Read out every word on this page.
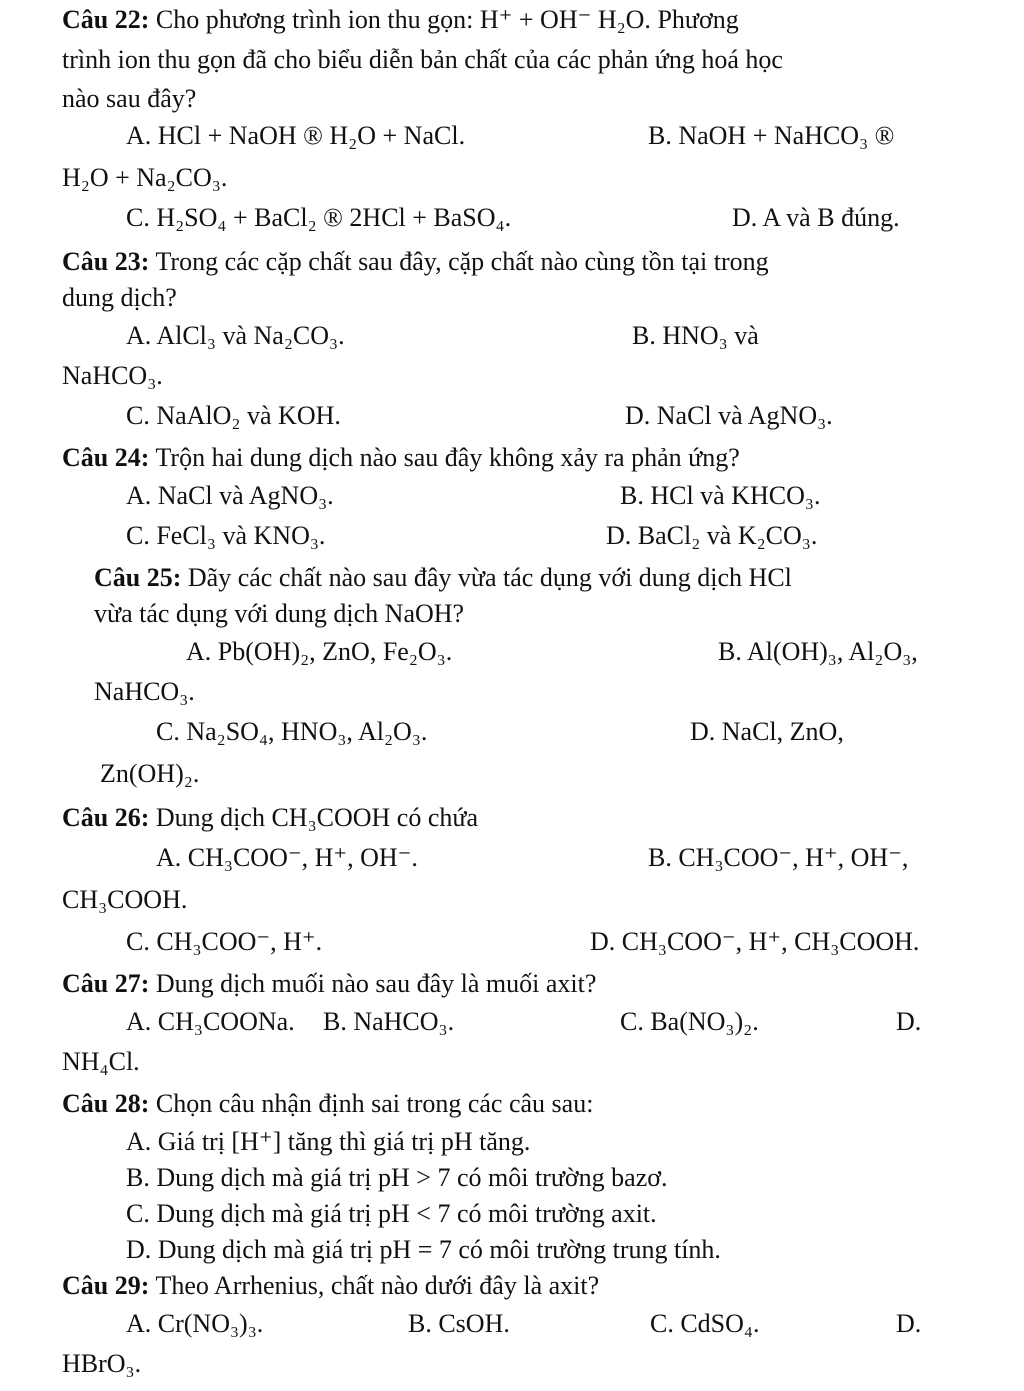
Câu 22: Cho phương trình ion thu gọn: H⁺ + OH⁻ H₂O. Phương
trình ion thu gọn đã cho biểu diễn bản chất của các phản ứng hoá học
nào sau đây?
A. HCl + NaOH ® H₂O + NaCl.	B. NaOH + NaHCO₃ ®
H₂O + Na₂CO₃.
C. H₂SO₄ + BaCl₂ ® 2HCl + BaSO₄.	D. A và B đúng.
Câu 23: Trong các cặp chất sau đây, cặp chất nào cùng tồn tại trong
dung dịch?
A. AlCl₃ và Na₂CO₃.	B. HNO₃ và
NaHCO₃.
C. NaAlO₂ và KOH.	D. NaCl và AgNO₃.
Câu 24: Trộn hai dung dịch nào sau đây không xảy ra phản ứng?
A. NaCl và AgNO₃.	B. HCl và KHCO₃.
C. FeCl₃ và KNO₃.	D. BaCl₂ và K₂CO₃.
Câu 25: Dãy các chất nào sau đây vừa tác dụng với dung dịch HCl
vừa tác dụng với dung dịch NaOH?
A. Pb(OH)₂, ZnO, Fe₂O₃.	B. Al(OH)₃, Al₂O₃,
NaHCO₃.
C. Na₂SO₄, HNO₃, Al₂O₃.	D. NaCl, ZnO,
Zn(OH)₂.
Câu 26: Dung dịch CH₃COOH có chứa
A. CH₃COO⁻, H⁺, OH⁻.	B. CH₃COO⁻, H⁺, OH⁻,
CH₃COOH.
C. CH₃COO⁻, H⁺.	D. CH₃COO⁻, H⁺, CH₃COOH.
Câu 27: Dung dịch muối nào sau đây là muối axit?
A. CH₃COONa. B. NaHCO₃.	C. Ba(NO₃)₂.	D.
NH₄Cl.
Câu 28: Chọn câu nhận định sai trong các câu sau:
A. Giá trị [H⁺] tăng thì giá trị pH tăng.
B. Dung dịch mà giá trị pH > 7 có môi trường bazơ.
C. Dung dịch mà giá trị pH < 7 có môi trường axit.
D. Dung dịch mà giá trị pH = 7 có môi trường trung tính.
Câu 29: Theo Arrhenius, chất nào dưới đây là axit?
A. Cr(NO₃)₃.	B. CsOH.	C. CdSO₄.	D.
HBrO₃.
